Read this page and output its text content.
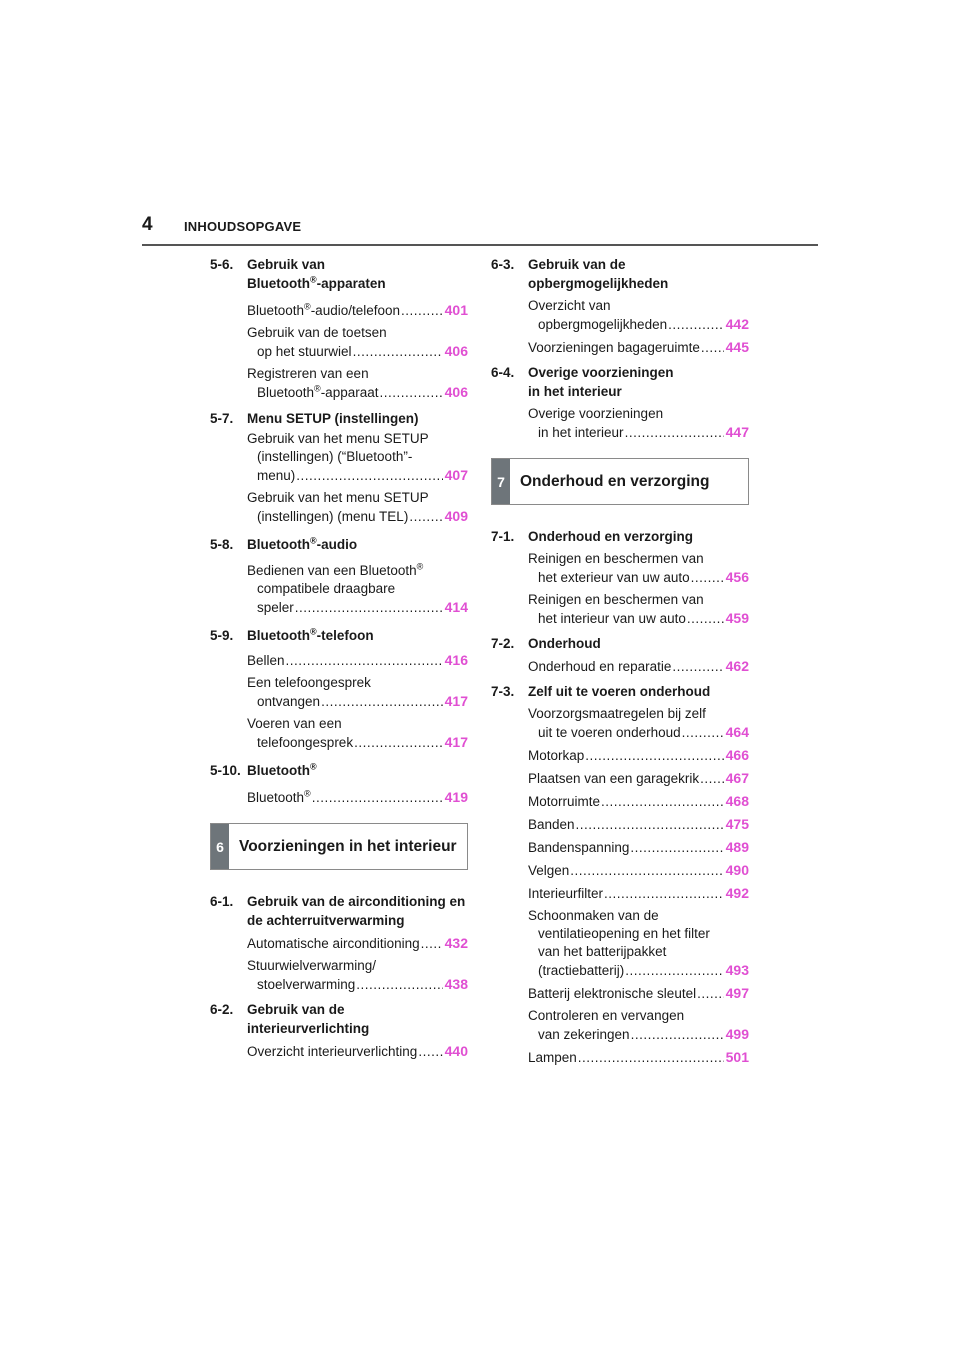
4 INHOUDSOPGAVE
5-6. Gebruik van
Bluetooth®-apparaten
Bluetooth®-audio/telefoon .....	401
Gebruik van de toetsen
op het stuurwiel .....	406
Registreren van een
Bluetooth®-apparaat .....	406
5-7. Menu SETUP (instellingen)
Gebruik van het menu SETUP
(instellingen) (“Bluetooth”-
menu) .....	407
Gebruik van het menu SETUP
(instellingen) (menu TEL) .....	409
5-8. Bluetooth®-audio
Bedienen van een Bluetooth®
compatibele draagbare
speler .....	414
5-9. Bluetooth®-telefoon
Bellen .....	416
Een telefoongesprek
ontvangen .....	417
Voeren van een
telefoongesprek .....	417
5-10. Bluetooth®
Bluetooth® .....	419
6 Voorzieningen in het interieur
6-1. Gebruik van de airconditioning en
de achterruitverwarming
Automatische airconditioning ..... 432
Stuurwielverwarming/
stoelverwarming .....	438
6-2. Gebruik van de
interieurverlichting
Overzicht interieurverlichting ..... 440
6-3. Gebruik van de
opbergmogelijkheden
Overzicht van
opbergmogelijkheden .....	442
Voorzieningen bagageruimte ..... 445
6-4. Overige voorzieningen
in het interieur
Overige voorzieningen
in het interieur .....	447
7 Onderhoud en verzorging
7-1. Onderhoud en verzorging
Reinigen en beschermen van
het exterieur van uw auto .....	456
Reinigen en beschermen van
het interieur van uw auto .....	459
7-2. Onderhoud
Onderhoud en reparatie .....	462
7-3. Zelf uit te voeren onderhoud
Voorzorgsmaatregelen bij zelf
uit te voeren onderhoud .....	464
Motorkap .....	466
Plaatsen van een garagekrik ..... 467
Motorruimte .....	468
Banden .....	475
Bandenspanning .....	489
Velgen .....	490
Interieurfilter .....	492
Schoonmaken van de
ventilatieopening en het filter
van het batterijpakket
(tractiebatterij) .....	493
Batterij elektronische sleutel ..... 497
Controleren en vervangen
van zekeringen .....	499
Lampen .....	501
